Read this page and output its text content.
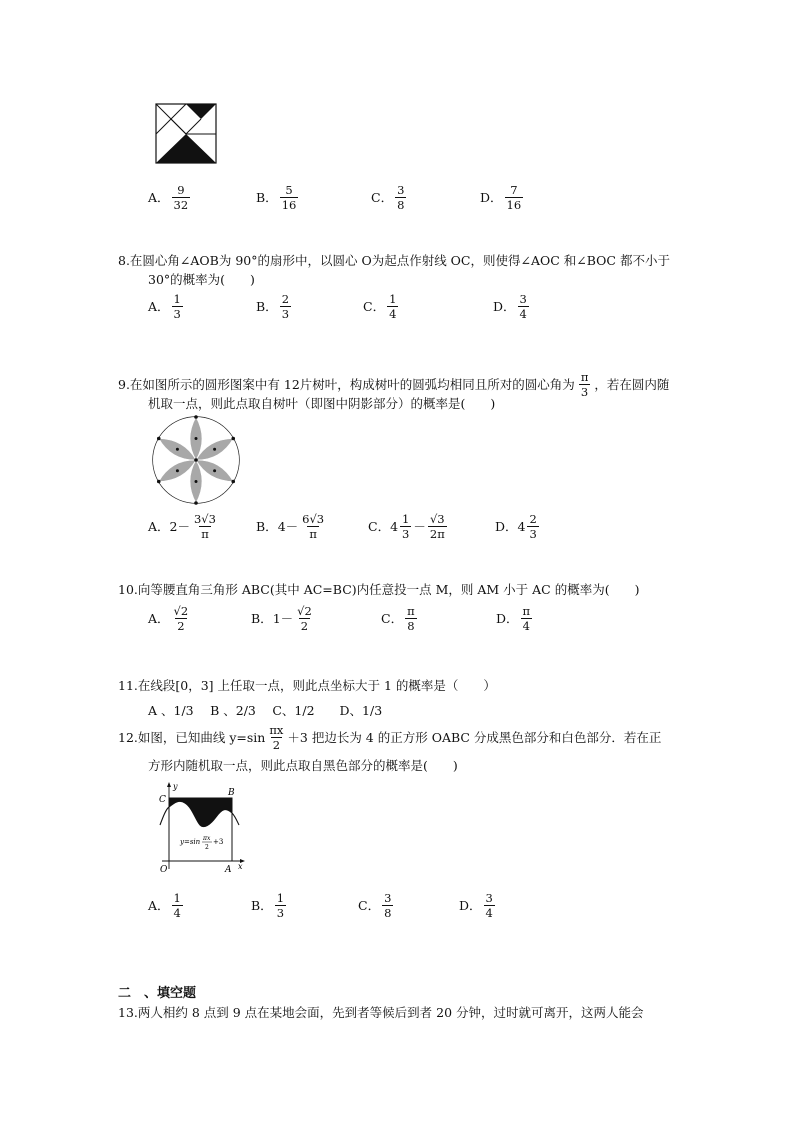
A． $\frac{9}{32}$	B． $\frac{5}{16}$	C． $\frac{3}{8}$	D． $\frac{7}{16}$
8.在圆心角∠AOB为 90°的扇形中，以圆心 O为起点作射线 OC，则使得∠AOC 和∠BOC 都不小于
30°的概率为(　　)
A． $\frac{1}{3}$	B． $\frac{2}{3}$	C． $\frac{1}{4}$	D． $\frac{3}{4}$
9.在如图所示的圆形图案中有 12片树叶，构成树叶的圆弧均相同且所对的圆心角为 $\frac{\pi}{3}$ ，若在圆内随
机取一点，则此点取自树叶（即图中阴影部分）的概率是(　　)
A． $2- \frac{3√3}{\pi}$	B． $4- \frac{6√3}{\pi}$	C． $4 \frac{1}{3} - \frac{√3}{2\pi}$	D． $4 \frac{2}{3}$
10.向等腰直角三角形 ABC(其中 AC=BC)内任意投一点 M，则 AM 小于 AC 的概率为(　　)
A． $\frac{√2}{2}$	B． $1- \frac{√2}{2}$	C． $\frac{\pi}{8}$	D． $\frac{\pi}{4}$
11.在线段[0，3] 上任取一点，则此点坐标大于 1 的概率是（　　）
A 、1/3　 B 、2/3　 C、1/2　　D、1/3
12.如图，已知曲线 $y=\sin \frac{\pi x}{2} +3$ 把边长为 4 的正方形 OABC 分成黑色部分和白色部分．若在正
方形内随机取一点，则此点取自黑色部分的概率是(　　)
C
y
B
O	A x
y=sin πx
2
+3
A． $\frac{1}{4}$	B． $\frac{1}{3}$	C． $\frac{3}{8}$	D． $\frac{3}{4}$
二　、填空题
13.两人相约 8 点到 9 点在某地会面，先到者等候后到者 20 分钟，过时就可离开，这两人能会
